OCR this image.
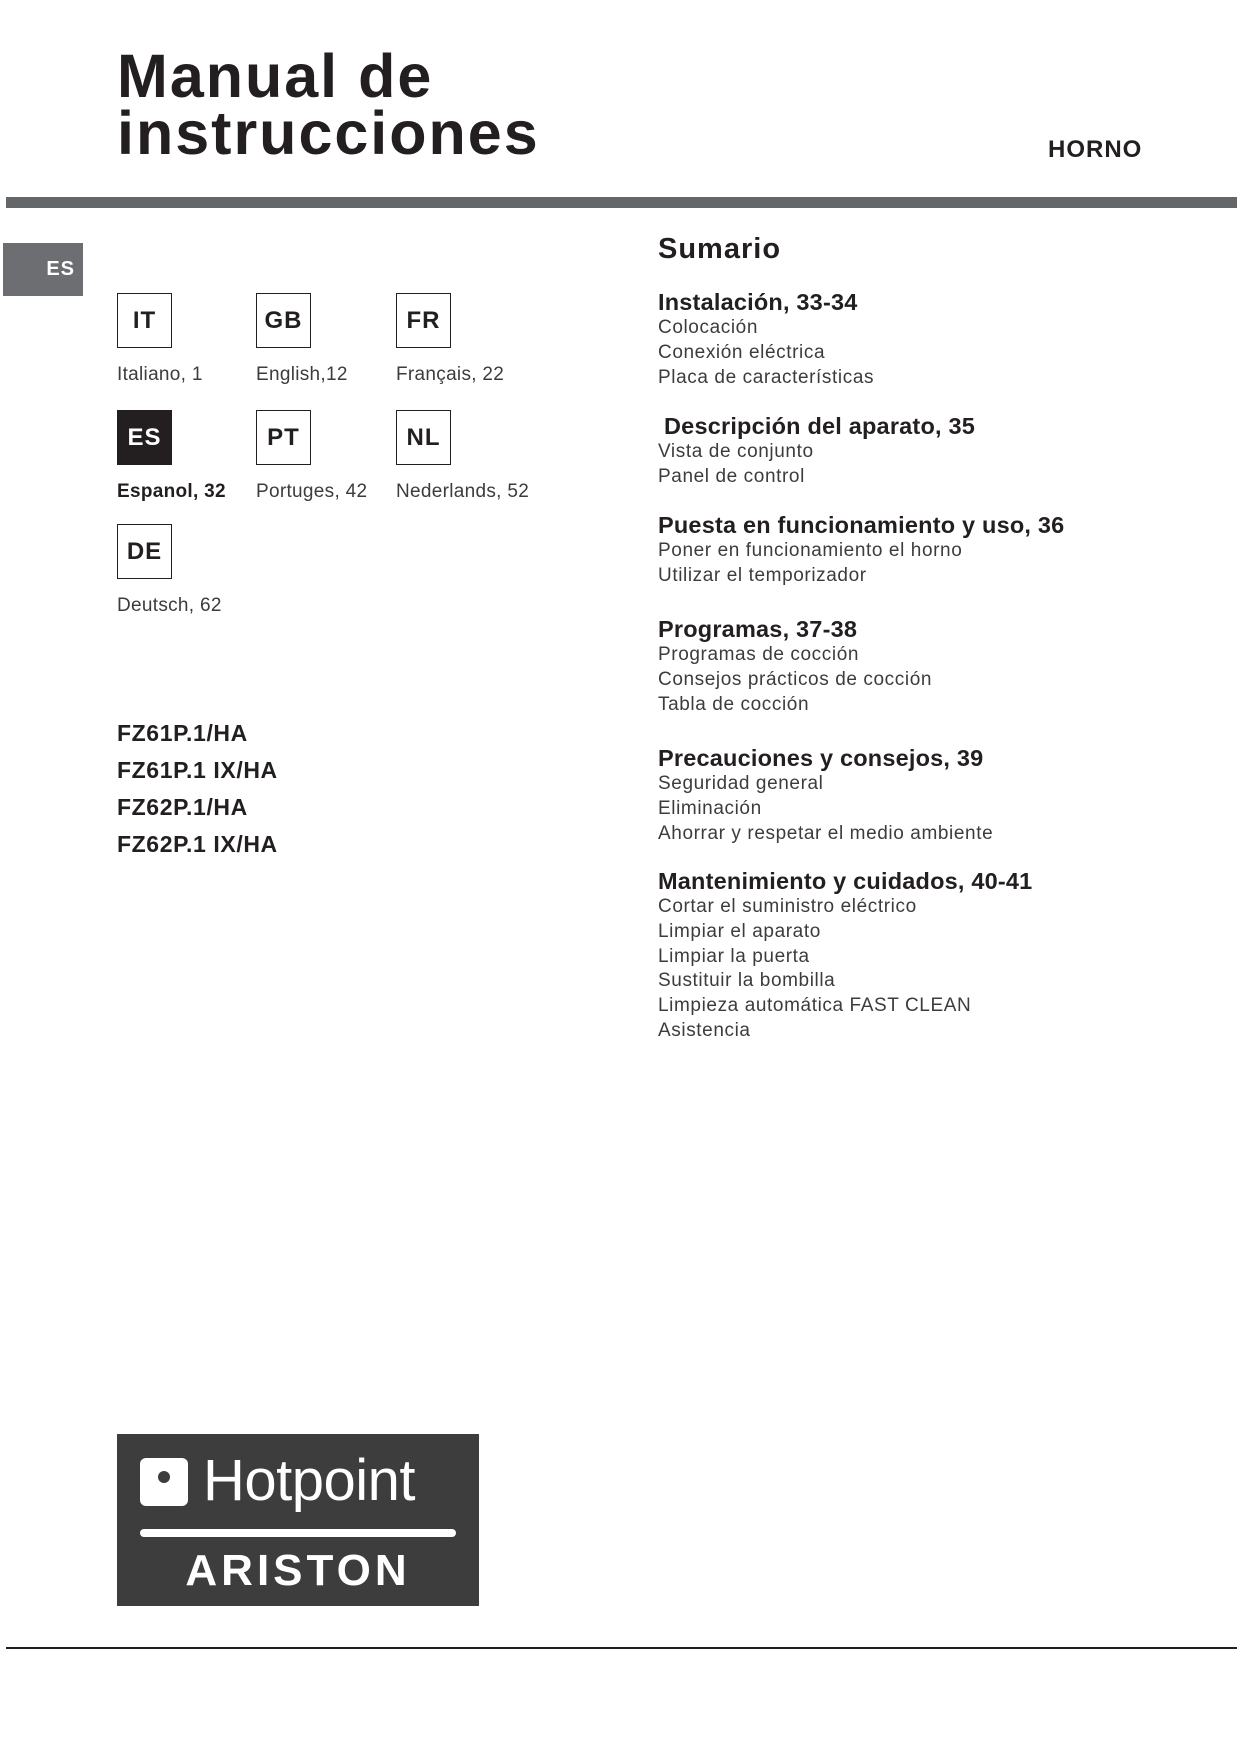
Manual de
instrucciones	HORNO
ES
IT
Italiano, 1
GB
English,12
FR
Français, 22
ES
Espanol, 32
PT
Portuges, 42
NL
Nederlands, 52
DE
Deutsch, 62
FZ61P.1/HA
FZ61P.1 IX/HA
FZ62P.1/HA
FZ62P.1 IX/HA
Sumario
Instalación, 33-34
Colocación
Conexión eléctrica
Placa de características
Descripción del aparato, 35
Vista de conjunto
Panel de control
Puesta en funcionamiento y uso, 36
Poner en funcionamiento el horno
Utilizar el temporizador
Programas, 37-38
Programas de cocción
Consejos prácticos de cocción
Tabla de cocción
Precauciones y consejos, 39
Seguridad general
Eliminación
Ahorrar y respetar el medio ambiente
Mantenimiento y cuidados, 40-41
Cortar el suministro eléctrico
Limpiar el aparato
Limpiar la puerta
Sustituir la bombilla
Limpieza automática FAST CLEAN
Asistencia
Hotpoint
ARISTON
